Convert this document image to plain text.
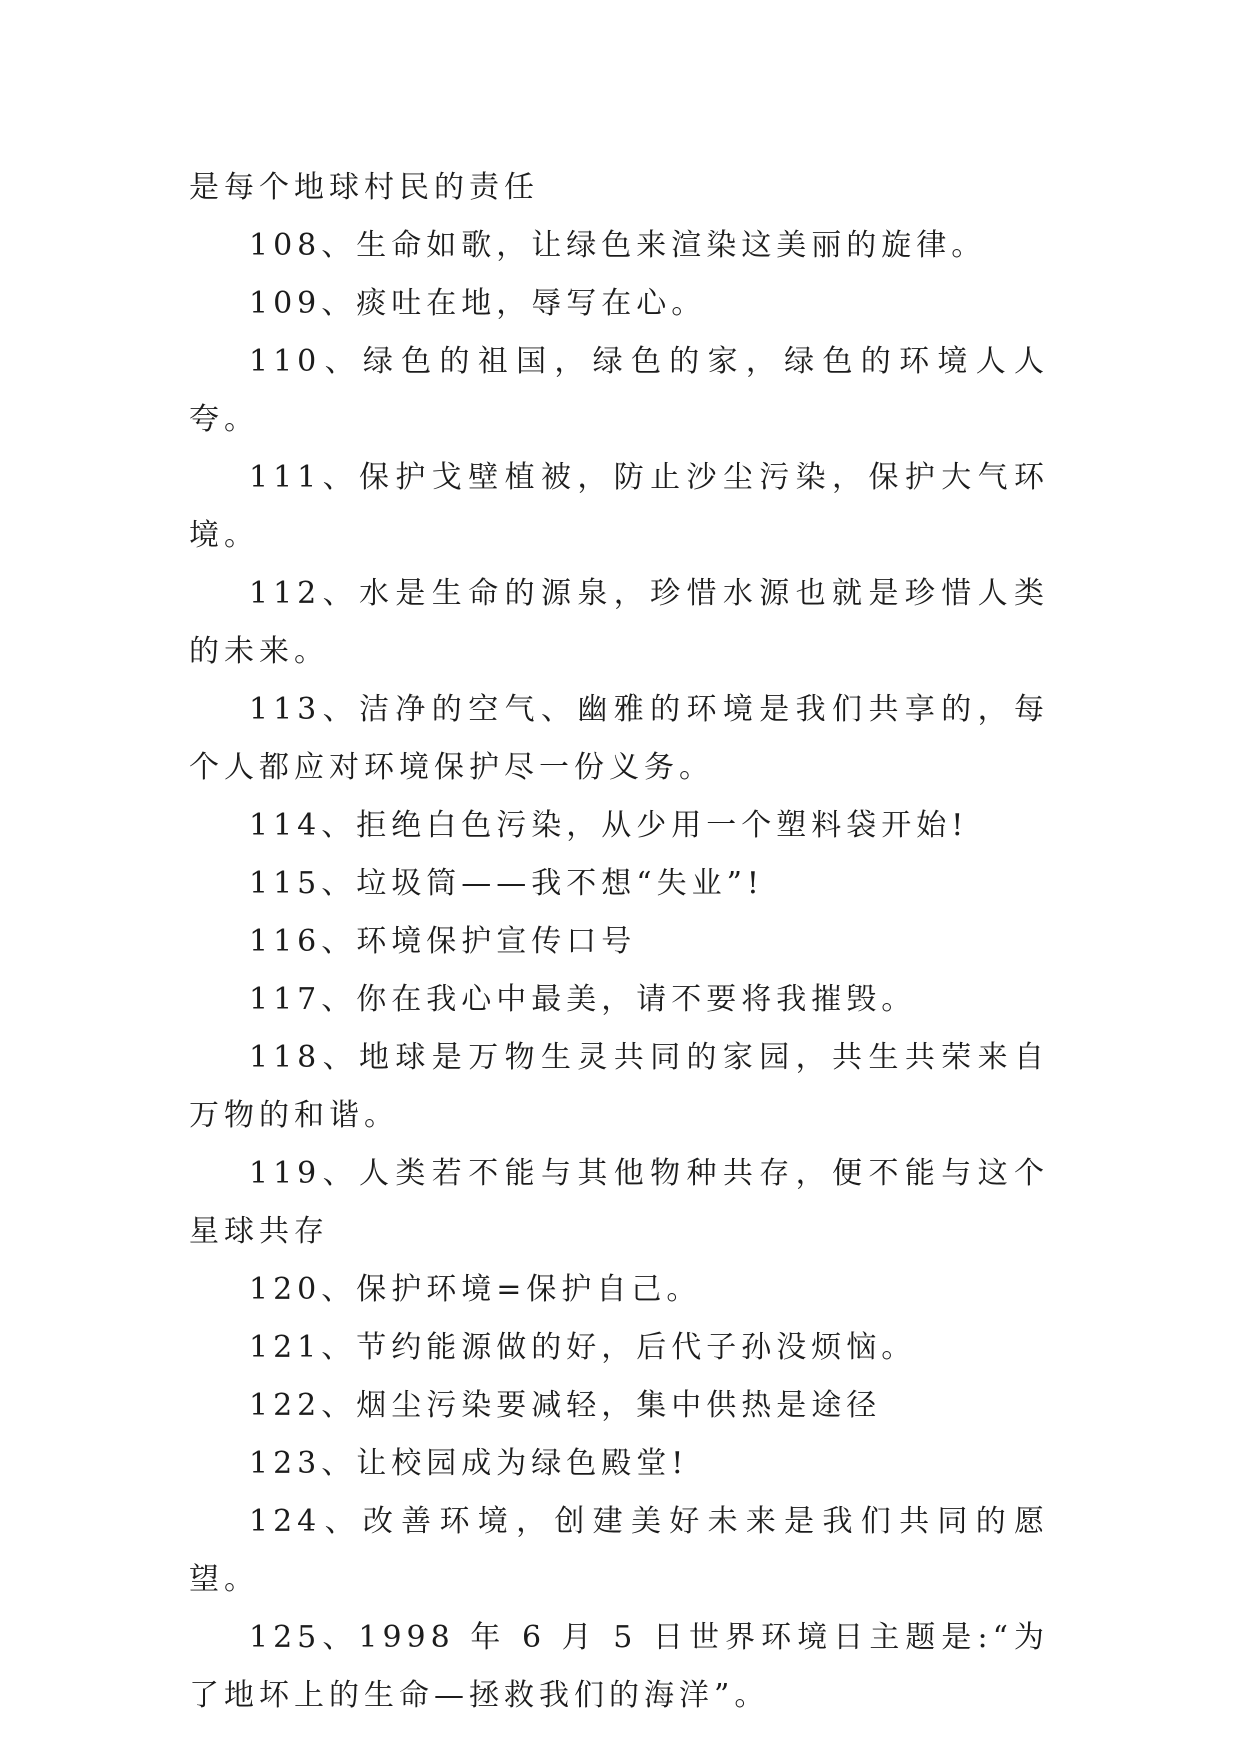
是每个地球村民的责任

108、生命如歌，让绿色来渲染这美丽的旋律。

109、痰吐在地，辱写在心。

110、绿色的祖国，绿色的家，绿色的环境人人夸。

111、保护戈壁植被，防止沙尘污染，保护大气环境。

112、水是生命的源泉，珍惜水源也就是珍惜人类的未来。

113、洁净的空气、幽雅的环境是我们共享的，每个人都应对环境保护尽一份义务。

114、拒绝白色污染，从少用一个塑料袋开始!

115、垃圾筒——我不想“失业”!

116、环境保护宣传口号

117、你在我心中最美，请不要将我摧毁。

118、地球是万物生灵共同的家园，共生共荣来自万物的和谐。

119、人类若不能与其他物种共存，便不能与这个星球共存

120、保护环境=保护自己。

121、节约能源做的好，后代子孙没烦恼。

122、烟尘污染要减轻，集中供热是途径

123、让校园成为绿色殿堂!

124、改善环境，创建美好未来是我们共同的愿望。

125、1998 年 6 月 5 日世界环境日主题是:“为了地坏上的生命—拯救我们的海洋”。
